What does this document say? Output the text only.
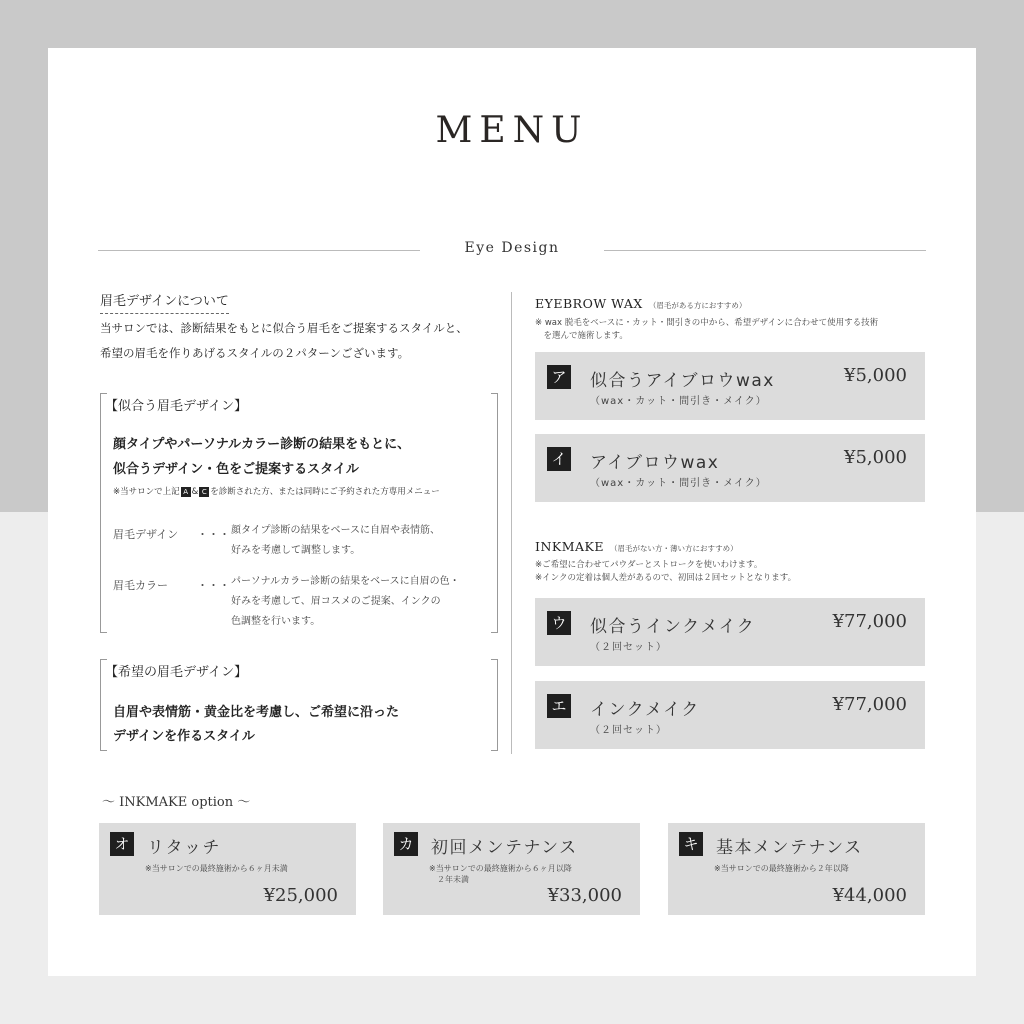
MENU
Eye Design
眉毛デザインについて
当サロンでは、診断結果をもとに似合う眉毛をご提案するスタイルと、
希望の眉毛を作りあげるスタイルの２パターンございます。
【似合う眉毛デザイン】
顔タイプやパーソナルカラー診断の結果をもとに、
似合うデザイン・色をご提案するスタイル
※当サロンで上記 A & C を診断された方、または同時にご予約された方専用メニュー
眉毛デザイン ・・・ 顔タイプ診断の結果をベースに自眉や表情筋、
好みを考慮して調整します。
眉毛カラー	・・・ パーソナルカラー診断の結果をベースに自眉の色・
好みを考慮して、眉コスメのご提案、インクの
色調整を行います。
【希望の眉毛デザイン】
自眉や表情筋・黄金比を考慮し、ご希望に沿った
デザインを作るスタイル
EYEBROW WAX （眉毛がある方におすすめ）
※ wax 脱毛をベースに・カット・間引きの中から、希望デザインに合わせて使用する技術
　を選んで施術します。
ア 似合うアイブロウwax
（wax・カット・間引き・メイク）
¥5,000
イ アイブロウwax
（wax・カット・間引き・メイク）
¥5,000
INKMAKE （眉毛がない方・薄い方におすすめ）
※ご希望に合わせてパウダーとストロークを使いわけます。
※インクの定着は個人差があるので、初回は２回セットとなります。
ウ 似合うインクメイク
（２回セット）
¥77,000
エ インクメイク
（２回セット）
¥77,000
〜 INKMAKE option 〜
オ リタッチ
※当サロンでの最終施術から６ヶ月未満
¥25,000
カ 初回メンテナンス
※当サロンでの最終施術から６ヶ月以降
　２年未満
¥33,000
キ 基本メンテナンス
※当サロンでの最終施術から２年以降
¥44,000
